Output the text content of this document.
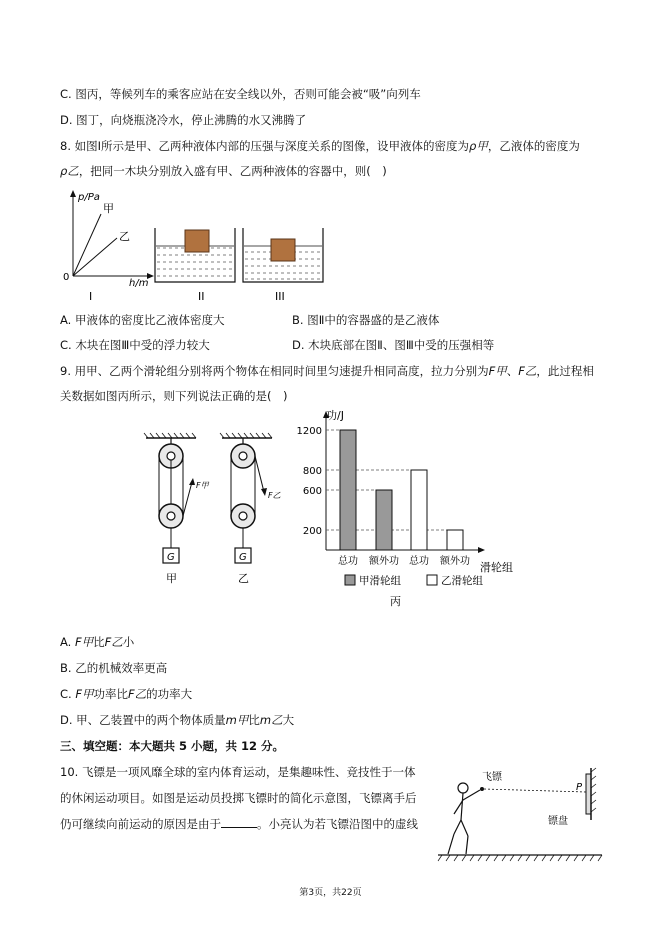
C. 图丙，等候列车的乘客应站在安全线以外，否则可能会被“吸”向列车
D. 图丁，向烧瓶浇冷水，停止沸腾的水又沸腾了
8. 如图Ⅰ所示是甲、乙两种液体内部的压强与深度关系的图像，设甲液体的密度为ρ甲，乙液体的密度为
ρ乙，把同一木块分别放入盛有甲、乙两种液体的容器中，则(　)
p/Pa
h/m
0
甲
乙
I	II	III
A. 甲液体的密度比乙液体密度大	B. 图Ⅱ中的容器盛的是乙液体
C. 木块在图Ⅲ中受的浮力较大	D. 木块底部在图Ⅱ、图Ⅲ中受的压强相等
9. 用甲、乙两个滑轮组分别将两个物体在相同时间里匀速提升相同高度，拉力分别为F甲、F乙，此过程相
关数据如图丙所示，则下列说法正确的是(　)
G
F甲
甲
G
F乙
乙
1200
800
600
200
总功 额外功 总功 额外功
甲滑轮组	乙滑轮组
功/J
滑轮组
丙
A. F甲比F乙小
B. 乙的机械效率更高
C. F甲功率比F乙的功率大
D. 甲、乙装置中的两个物体质量m甲比m乙大
三、填空题：本大题共 5 小题，共 12 分。
10. 飞镖是一项风靡全球的室内体育运动，是集趣味性、竞技性于一体
的休闲运动项目。如图是运动员投掷飞镖时的简化示意图，飞镖离手后
仍可继续向前运动的原因是由于	。小亮认为若飞镖沿图中的虚线
飞镖
P
镖盘
第3页，共22页
